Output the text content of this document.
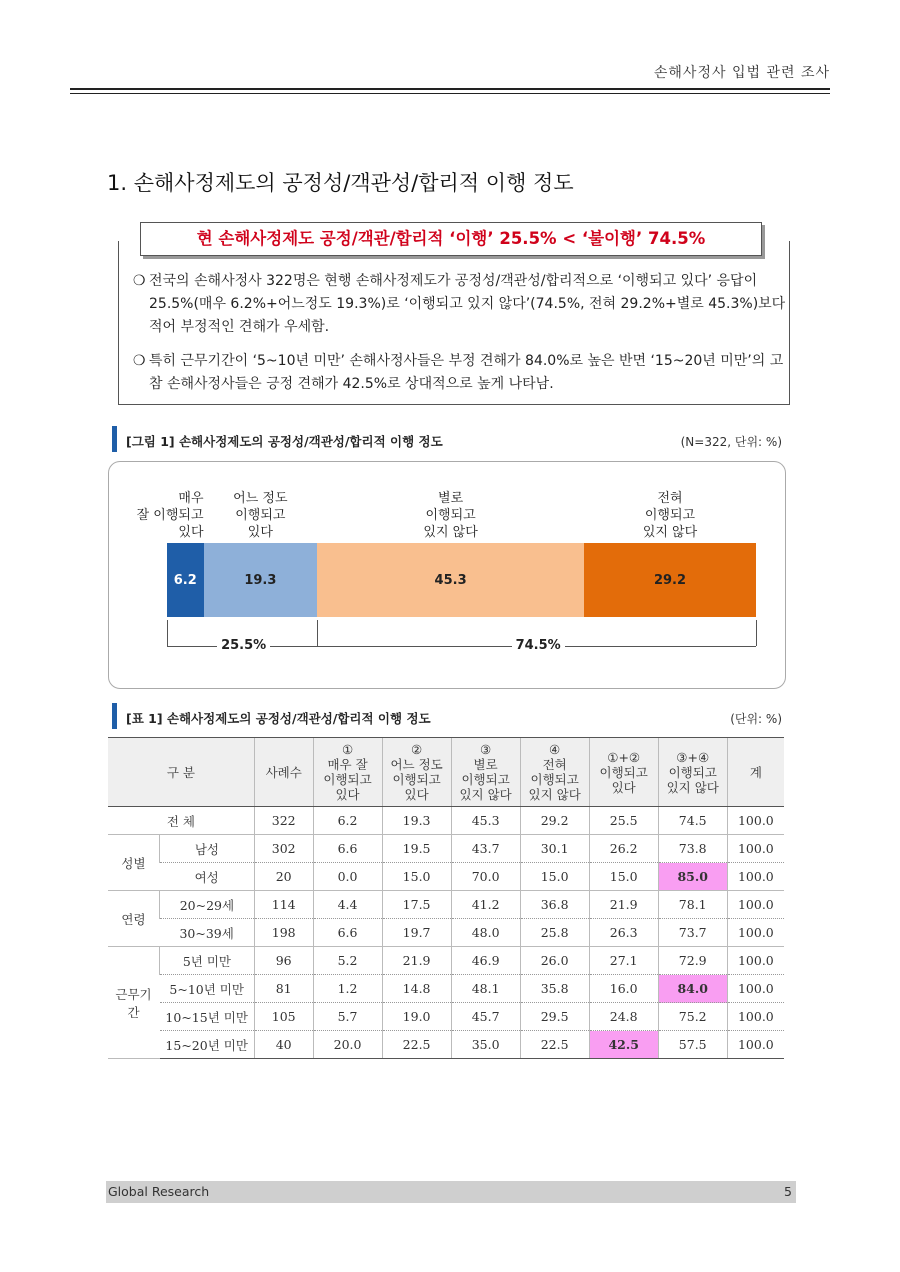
손해사정사 입법 관련 조사
1. 손해사정제도의 공정성/객관성/합리적 이행 정도
현 손해사정제도 공정/객관/합리적 ‘이행’ 25.5% < ‘불이행’ 74.5%
❍ 전국의 손해사정사 322명은 현행 손해사정제도가 공정성/객관성/합리적으로 ‘이행되고 있다’ 응답이 25.5%(매우 6.2%+어느정도 19.3%)로 ‘이행되고 있지 않다’(74.5%, 전혀 29.2%+별로 45.3%)보다 적어 부정적인 견해가 우세함.
❍ 특히 근무기간이 ‘5~10년 미만’ 손해사정사들은 부정 견해가 84.0%로 높은 반면 ‘15~20년 미만’의 고참 손해사정사들은 긍정 견해가 42.5%로 상대적으로 높게 나타남.
[그림 1] 손해사정제도의 공정성/객관성/합리적 이행 정도	(N=322, 단위: %)
6.2
매우
잘 이행되고
있다
19.3
어느 정도
이행되고
있다
45.3
별로
이행되고
있지 않다
29.2
전혀
이행되고
있지 않다
25.5%	74.5%
[표 1] 손해사정제도의 공정성/객관성/합리적 이행 정도	(단위: %)
구 분		사례수	①
매우 잘
이행되고
있다	②
어느 정도
이행되고
있다	③
별로
이행되고
있지 않다	④
전혀
이행되고
있지 않다	①+②
이행되고
있다	③+④
이행되고
있지 않다	계
전 체		322	6.2	19.3	45.3	29.2	25.5	74.5	100.0
성별	남성	302	6.6	19.5	43.7	30.1	26.2	73.8	100.0
	여성	20	0.0	15.0	70.0	15.0	15.0	85.0	100.0
연령	20~29세	114	4.4	17.5	41.2	36.8	21.9	78.1	100.0
	30~39세	198	6.6	19.7	48.0	25.8	26.3	73.7	100.0
근무기간	5년 미만	96	5.2	21.9	46.9	26.0	27.1	72.9	100.0
	5~10년 미만	81	1.2	14.8	48.1	35.8	16.0	84.0	100.0
	10~15년 미만	105	5.7	19.0	45.7	29.5	24.8	75.2	100.0
	15~20년 미만	40	20.0	22.5	35.0	22.5	42.5	57.5	100.0
Global Research	5
